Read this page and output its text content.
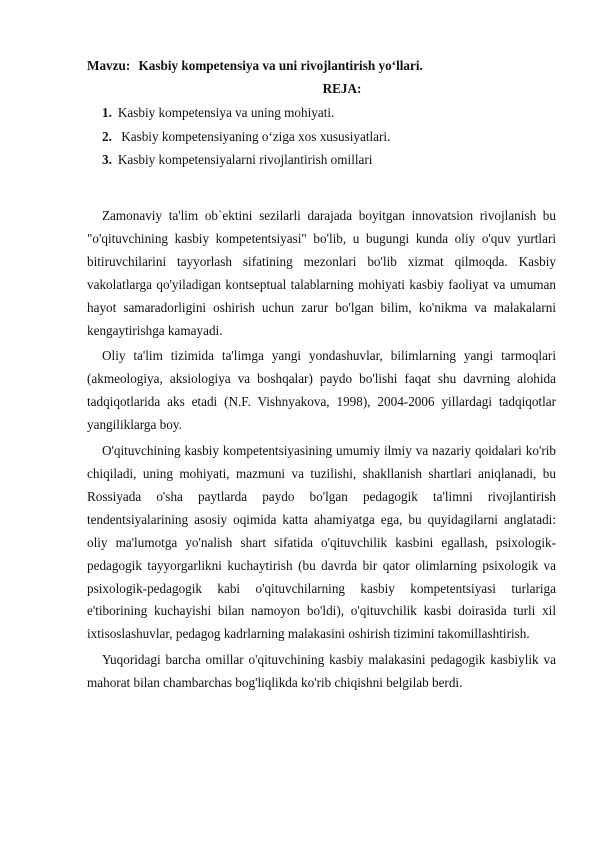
Mavzu: Kasbiy kompetensiya va uni rivojlantirish yo‘llari.
REJA:
1. Kasbiy kompetensiya va uning mohiyati.
2. Kasbiy kompetensiyaning o‘ziga xos xususiyatlari.
3. Kasbiy kompetensiyalarni rivojlantirish omillari

Zamonaviy ta'lim ob`ektini sezilarli darajada boyitgan innovatsion rivojlanish bu "o'qituvchining kasbiy kompetentsiyasi" bo'lib, u bugungi kunda oliy o'quv yurtlari bitiruvchilarini tayyorlash sifatining mezonlari bo'lib xizmat qilmoqda. Kasbiy vakolatlarga qo'yiladigan kontseptual talablarning mohiyati kasbiy faoliyat va umuman hayot samaradorligini oshirish uchun zarur bo'lgan bilim, ko'nikma va malakalarni kengaytirishga kamayadi.

Oliy ta'lim tizimida ta'limga yangi yondashuvlar, bilimlarning yangi tarmoqlari (akmeologiya, aksiologiya va boshqalar) paydo bo'lishi faqat shu davrning alohida tadqiqotlarida aks etadi (N.F. Vishnyakova, 1998), 2004-2006 yillardagi tadqiqotlar yangiliklarga boy.

O'qituvchining kasbiy kompetentsiyasining umumiy ilmiy va nazariy qoidalari ko'rib chiqiladi, uning mohiyati, mazmuni va tuzilishi, shakllanish shartlari aniqlanadi, bu Rossiyada o'sha paytlarda paydo bo'lgan pedagogik ta'limni rivojlantirish tendentsiyalarining asosiy oqimida katta ahamiyatga ega, bu quyidagilarni anglatadi: oliy ma'lumotga yo'nalish shart sifatida o'qituvchilik kasbini egallash, psixologik-pedagogik tayyorgarlikni kuchaytirish (bu davrda bir qator olimlarning psixologik va psixologik-pedagogik kabi o'qituvchilarning kasbiy kompetentsiyasi turlariga e'tiborining kuchayishi bilan namoyon bo'ldi), o'qituvchilik kasbi doirasida turli xil ixtisoslashuvlar, pedagog kadrlarning malakasini oshirish tizimini takomillashtirish.

Yuqoridagi barcha omillar o'qituvchining kasbiy malakasini pedagogik kasbiylik va mahorat bilan chambarchas bog'liqlikda ko'rib chiqishni belgilab berdi.
